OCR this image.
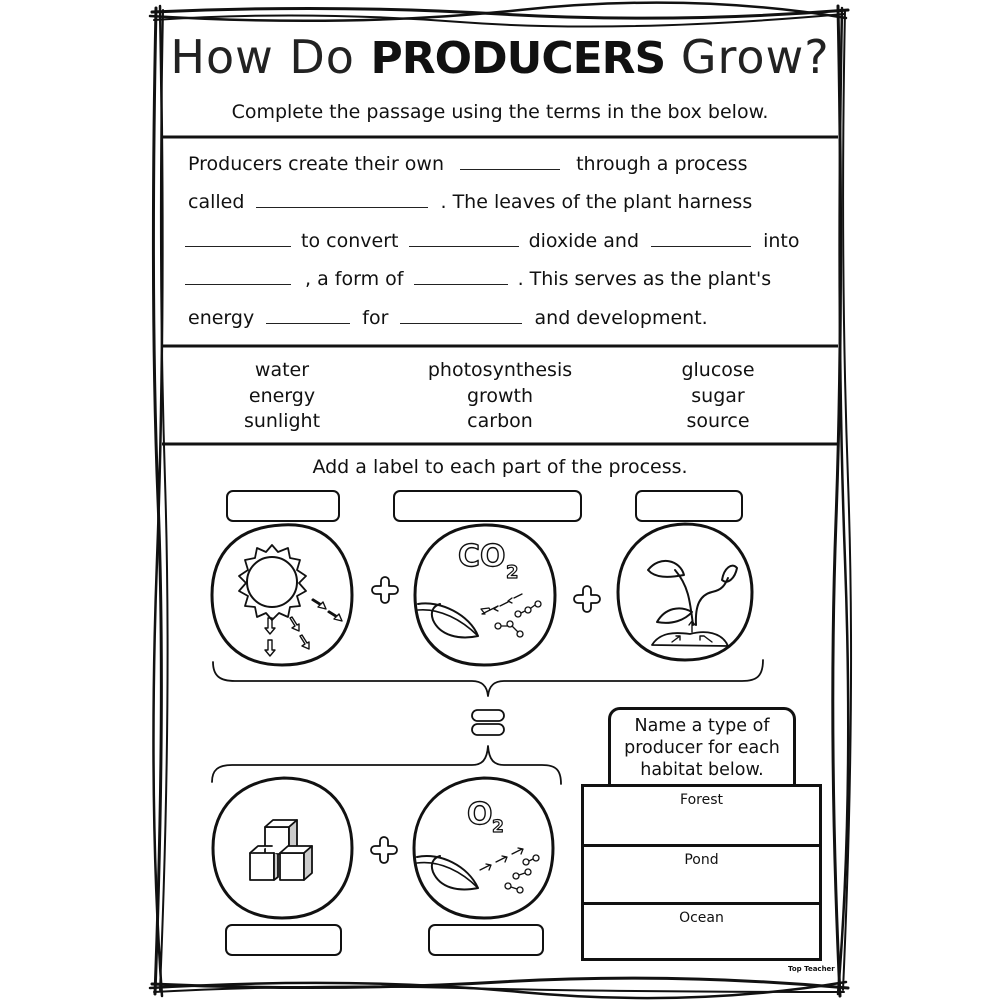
How Do PRODUCERS Grow?
Complete the passage using the terms in the box below.
Producers create their own	through a process
called	. The leaves of the plant harness
to convert	dioxide and	into
, a form of	. This serves as the plant's
energy	for	and development.
water
energy
sunlight
photosynthesis
growth
carbon
glucose
sugar
source
Add a label to each part of the process.
CO 2
O 2
Name a type of
producer for each
habitat below.
Forest
Pond
Ocean
Top Teacher
